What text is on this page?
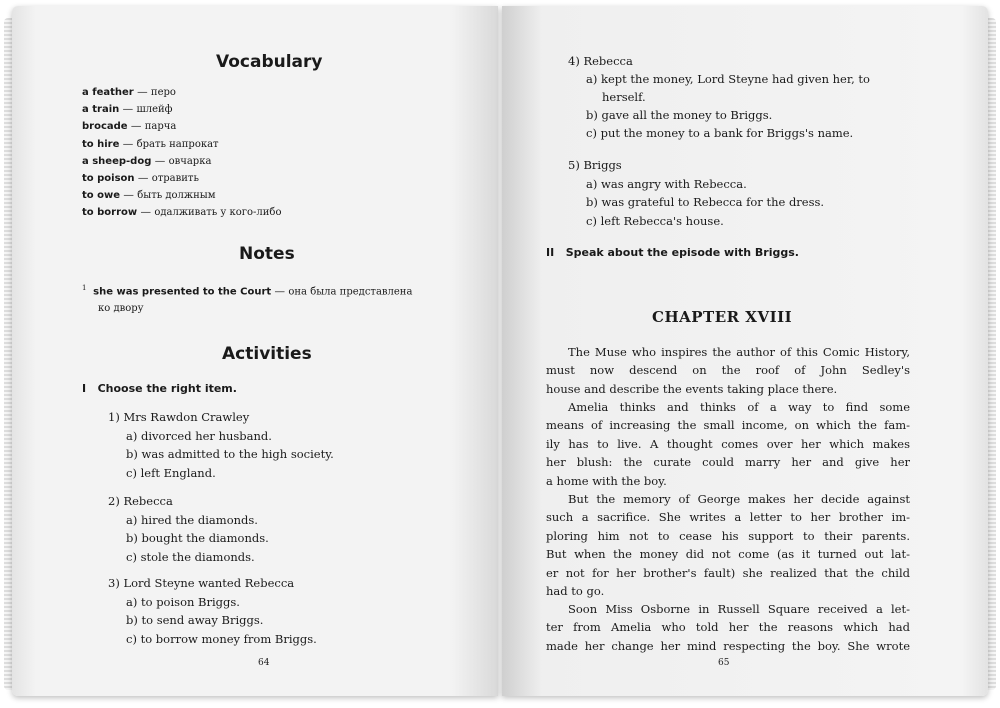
Vocabulary
a feather — перо
a train — шлейф
brocade — парча
to hire — брать напрокат
a sheep-dog — овчарка
to poison — отравить
to owe — быть должным
to borrow — одалживать у кого-либо
Notes
$^1$ she was presented to the Court — она была представлена
ко двору
Activities
I Choose the right item.
1) Mrs Rawdon Crawley
a) divorced her husband.
b) was admitted to the high society.
c) left England.
2) Rebecca
a) hired the diamonds.
b) bought the diamonds.
c) stole the diamonds.
3) Lord Steyne wanted Rebecca
a) to poison Briggs.
b) to send away Briggs.
c) to borrow money from Briggs.
64
4) Rebecca
a) kept the money, Lord Steyne had given her, to
herself.
b) gave all the money to Briggs.
c) put the money to a bank for Briggs's name.
5) Briggs
a) was angry with Rebecca.
b) was grateful to Rebecca for the dress.
c) left Rebecca's house.
II Speak about the episode with Briggs.
CHAPTER XVIII
The Muse who inspires the author of this Comic History,
must now descend on the roof of John Sedley's
house and describe the events taking place there.
Amelia thinks and thinks of a way to find some
means of increasing the small income, on which the fam-
ily has to live. A thought comes over her which makes
her blush: the curate could marry her and give her
a home with the boy.
But the memory of George makes her decide against
such a sacrifice. She writes a letter to her brother im-
ploring him not to cease his support to their parents.
But when the money did not come (as it turned out lat-
er not for her brother's fault) she realized that the child
had to go.
Soon Miss Osborne in Russell Square received a let-
ter from Amelia who told her the reasons which had
made her change her mind respecting the boy. She wrote
65
